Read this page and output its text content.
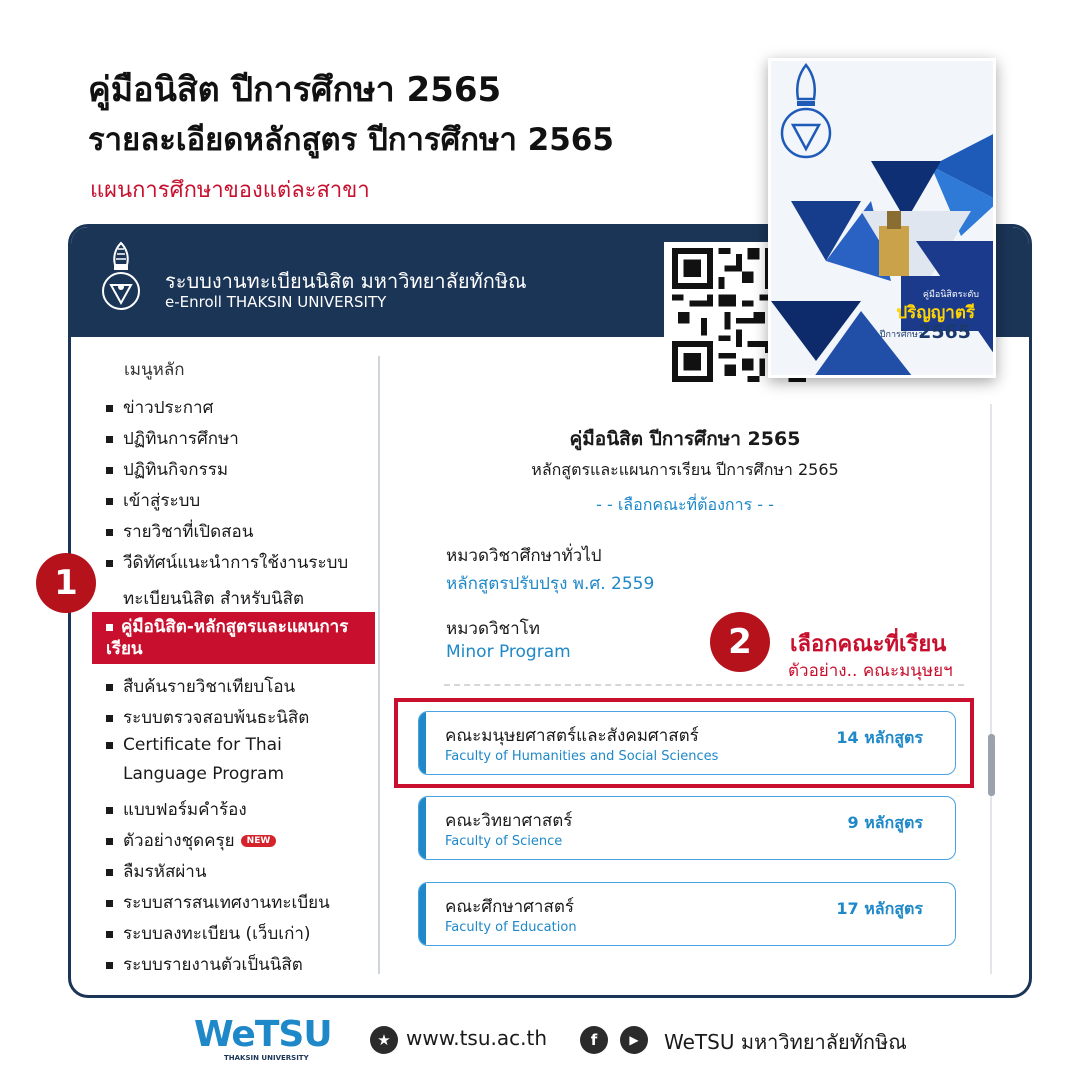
คู่มือนิสิต ปีการศึกษา 2565
รายละเอียดหลักสูตร ปีการศึกษา 2565
แผนการศึกษาของแต่ละสาขา
ระบบงานทะเบียนนิสิต มหาวิทยาลัยทักษิณ
e-Enroll THAKSIN UNIVERSITY
เมนูหลัก
ข่าวประกาศ
ปฏิทินการศึกษา
ปฏิทินกิจกรรม
เข้าสู่ระบบ
รายวิชาที่เปิดสอน
วีดิทัศน์แนะนำการใช้งานระบบ
ทะเบียนนิสิต สำหรับนิสิต
คู่มือนิสิต-หลักสูตรและแผนการ
เรียน
สืบค้นรายวิชาเทียบโอน
ระบบตรวจสอบพ้นธะนิสิต
Certificate for Thai
Language Program
แบบฟอร์มคำร้อง
ตัวอย่างชุดครุย NEW
ลืมรหัสผ่าน
ระบบสารสนเทศงานทะเบียน
ระบบลงทะเบียน (เว็บเก่า)
ระบบรายงานตัวเป็นนิสิต
1
คู่มือนิสิต ปีการศึกษา 2565
หลักสูตรและแผนการเรียน ปีการศึกษา 2565
- - เลือกคณะที่ต้องการ - -
หมวดวิชาศึกษาทั่วไป
หลักสูตรปรับปรุง พ.ศ. 2559
หมวดวิชาโท
Minor Program	2	เลือกคณะที่เรียน
ตัวอย่าง.. คณะมนุษยฯ
คณะมนุษยศาสตร์และสังคมศาสตร์
Faculty of Humanities and Social Sciences
14 หลักสูตร
คณะวิทยาศาสตร์
Faculty of Science
9 หลักสูตร
คณะศึกษาศาสตร์
Faculty of Education
17 หลักสูตร
คู่มือนิสิตระดับ
ปริญญาตรี
ปีการศึกษา
2565
WeTSU
THAKSIN UNIVERSITY
★ www.tsu.ac.th	f	▶	WeTSU มหาวิทยาลัยทักษิณ
